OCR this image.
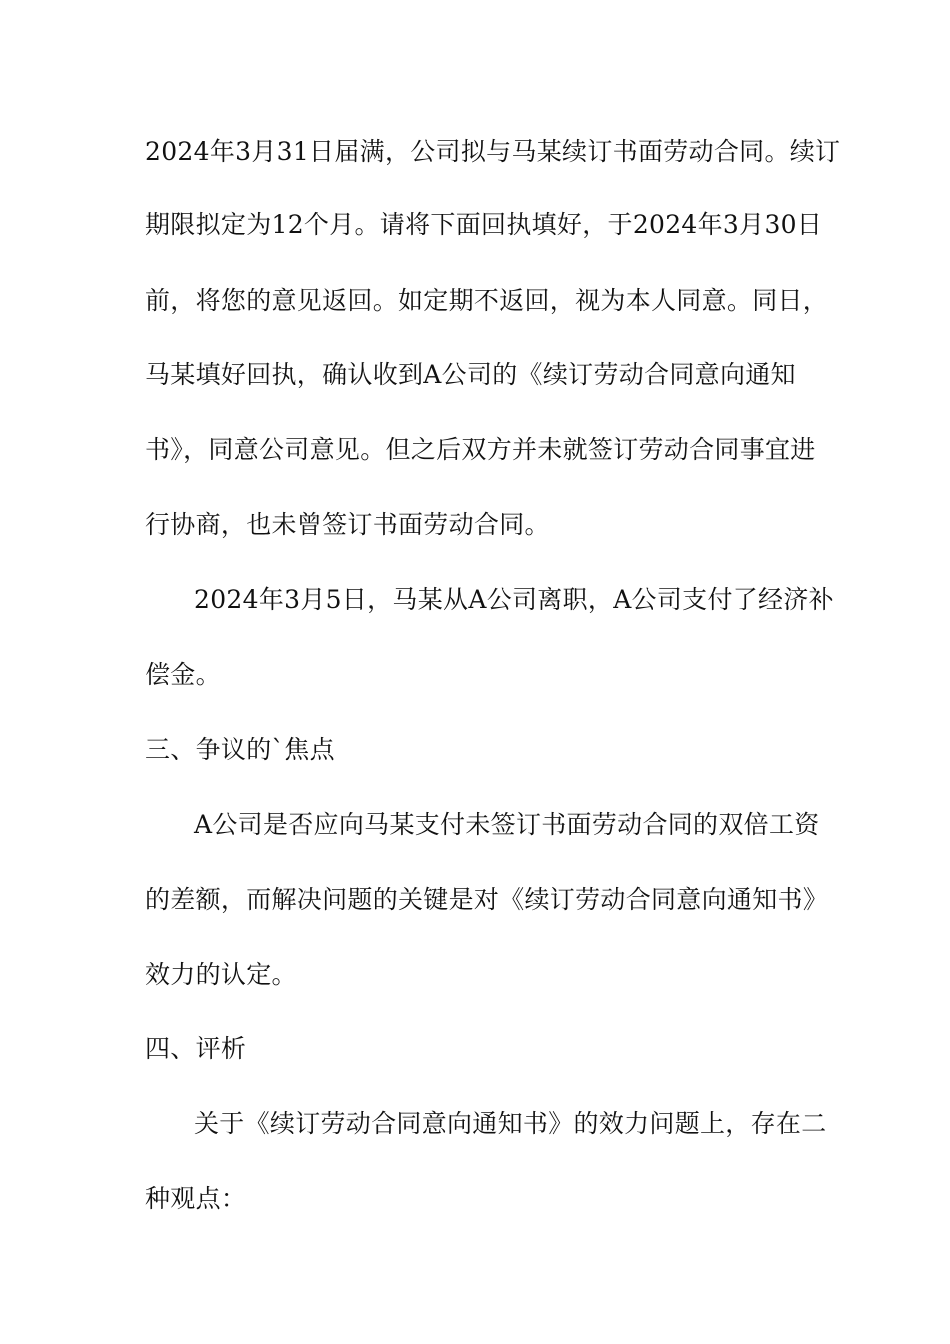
2024年3月31日届满，公司拟与马某续订书面劳动合同。续订
期限拟定为12个月。请将下面回执填好，于2024年3月30日
前，将您的意见返回。如定期不返回，视为本人同意。同日，
马某填好回执，确认收到A公司的《续订劳动合同意向通知
书》，同意公司意见。但之后双方并未就签订劳动合同事宜进
行协商，也未曾签订书面劳动合同。
2024年3月5日，马某从A公司离职，A公司支付了经济补
偿金。
三、争议的`焦点
A公司是否应向马某支付未签订书面劳动合同的双倍工资
的差额，而解决问题的关键是对《续订劳动合同意向通知书》
效力的认定。
四、评析
关于《续订劳动合同意向通知书》的效力问题上，存在二
种观点：
